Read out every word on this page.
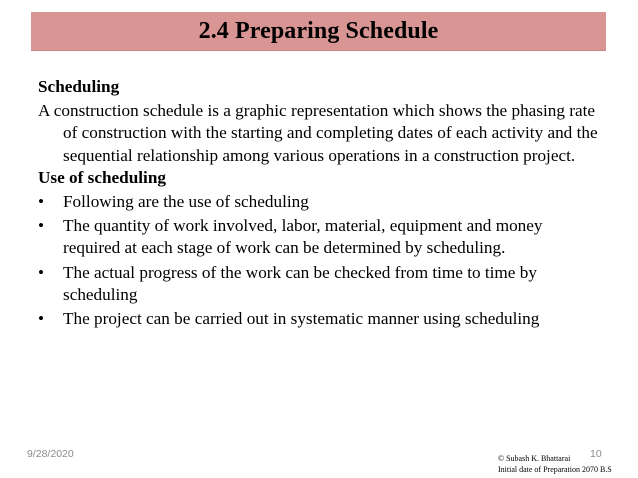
2.4 Preparing Schedule

Scheduling

A construction schedule is a graphic representation which shows the phasing rate of construction with the starting and completing dates of each activity and the sequential relationship among various operations in a construction project.

Use of scheduling

• Following are the use of scheduling
• The quantity of work involved, labor, material, equipment and money required at each stage of work can be determined by scheduling.
• The actual progress of the work can be checked from time to time by scheduling
• The project can be carried out in systematic manner using scheduling
9/28/2020	10
© Subash K. Bhattarai
Initial date of Preparation 2070 B.S
